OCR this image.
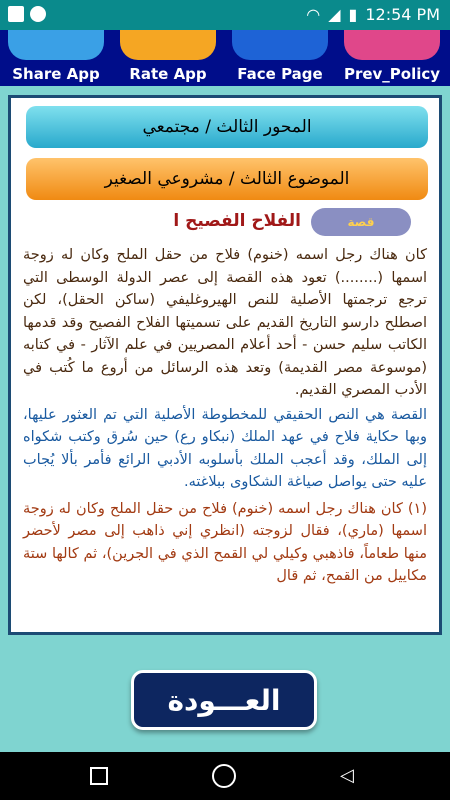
◠ ◢ ▮ 12:54 PM
Share App	Rate App	Face Page	Prev_Policy
المحور الثالث / مجتمعي
الموضوع الثالث / مشروعي الصغير
قصة
الفلاح الفصيح ا

كان هناك رجل اسمه (خنوم) فلاح من حقل الملح وكان له زوجة اسمها (........) تعود هذه القصة إلى عصر الدولة الوسطى التي ترجع ترجمتها الأصلية للنص الهيروغليفي (ساكن الحقل)، لكن اصطلح دارسو التاريخ القديم على تسميتها الفلاح الفصيح وقد قدمها الكاتب سليم حسن - أحد أعلام المصريين في علم الآثار - في كتابه (موسوعة مصر القديمة) وتعد هذه الرسائل من أروع ما كُتب في الأدب المصري القديم.

القصة هي النص الحقيقي للمخطوطة الأصلية التي تم العثور عليها، وبها حكاية فلاح في عهد الملك (نبكاو رع) حين سُرق وكتب شكواه إلى الملك، وقد أعجب الملك بأسلوبه الأدبي الرائع فأمر بألا يُجاب عليه حتى يواصل صياغة الشكاوى ببلاغته.

(١) كان هناك رجل اسمه (خنوم) فلاح من حقل الملح وكان له زوجة اسمها (ماري)، فقال لزوجته (انظري إني ذاهب إلى مصر لأحضر منها طعاماً، فاذهبي وكيلي لي القمح الذي في الجرين)، ثم كالها ستة مكاييل من القمح، ثم قال

العـــودة
◁
